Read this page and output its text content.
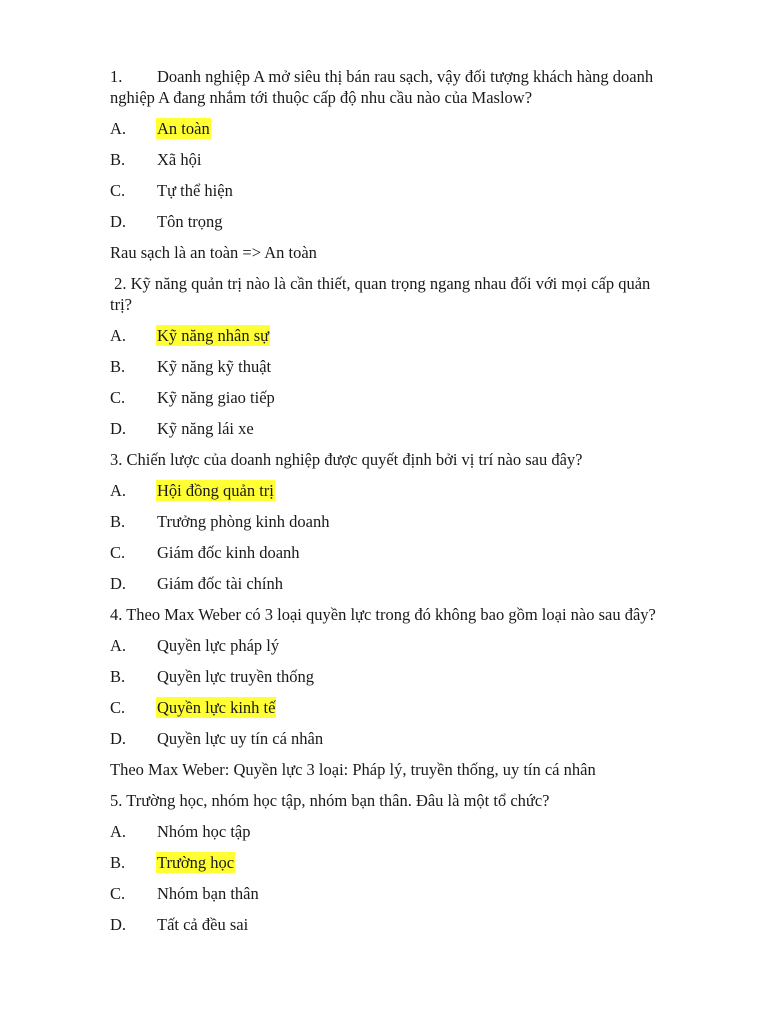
1. Doanh nghiệp A mở siêu thị bán rau sạch, vậy đối tượng khách hàng doanh nghiệp A đang nhắm tới thuộc cấp độ nhu cầu nào của Maslow?
A.	An toàn
B.	Xã hội
C.	Tự thể hiện
D.	Tôn trọng
Rau sạch là an toàn => An toàn
2. Kỹ năng quản trị nào là cần thiết, quan trọng ngang nhau đối với mọi cấp quản trị?
A.	Kỹ năng nhân sự
B.	Kỹ năng kỹ thuật
C.	Kỹ năng giao tiếp
D.	Kỹ năng lái xe
3. Chiến lược của doanh nghiệp được quyết định bởi vị trí nào sau đây?
A.	Hội đồng quản trị
B.	Trưởng phòng kinh doanh
C.	Giám đốc kinh doanh
D.	Giám đốc tài chính
4. Theo Max Weber có 3 loại quyền lực trong đó không bao gồm loại nào sau đây?
A.	Quyền lực pháp lý
B.	Quyền lực truyền thống
C.	Quyền lực kinh tế
D.	Quyền lực uy tín cá nhân
Theo Max Weber: Quyền lực 3 loại: Pháp lý, truyền thống, uy tín cá nhân
5. Trường học, nhóm học tập, nhóm bạn thân. Đâu là một tổ chức?
A.	Nhóm học tập
B.	Trường học
C.	Nhóm bạn thân
D.	Tất cả đều sai
